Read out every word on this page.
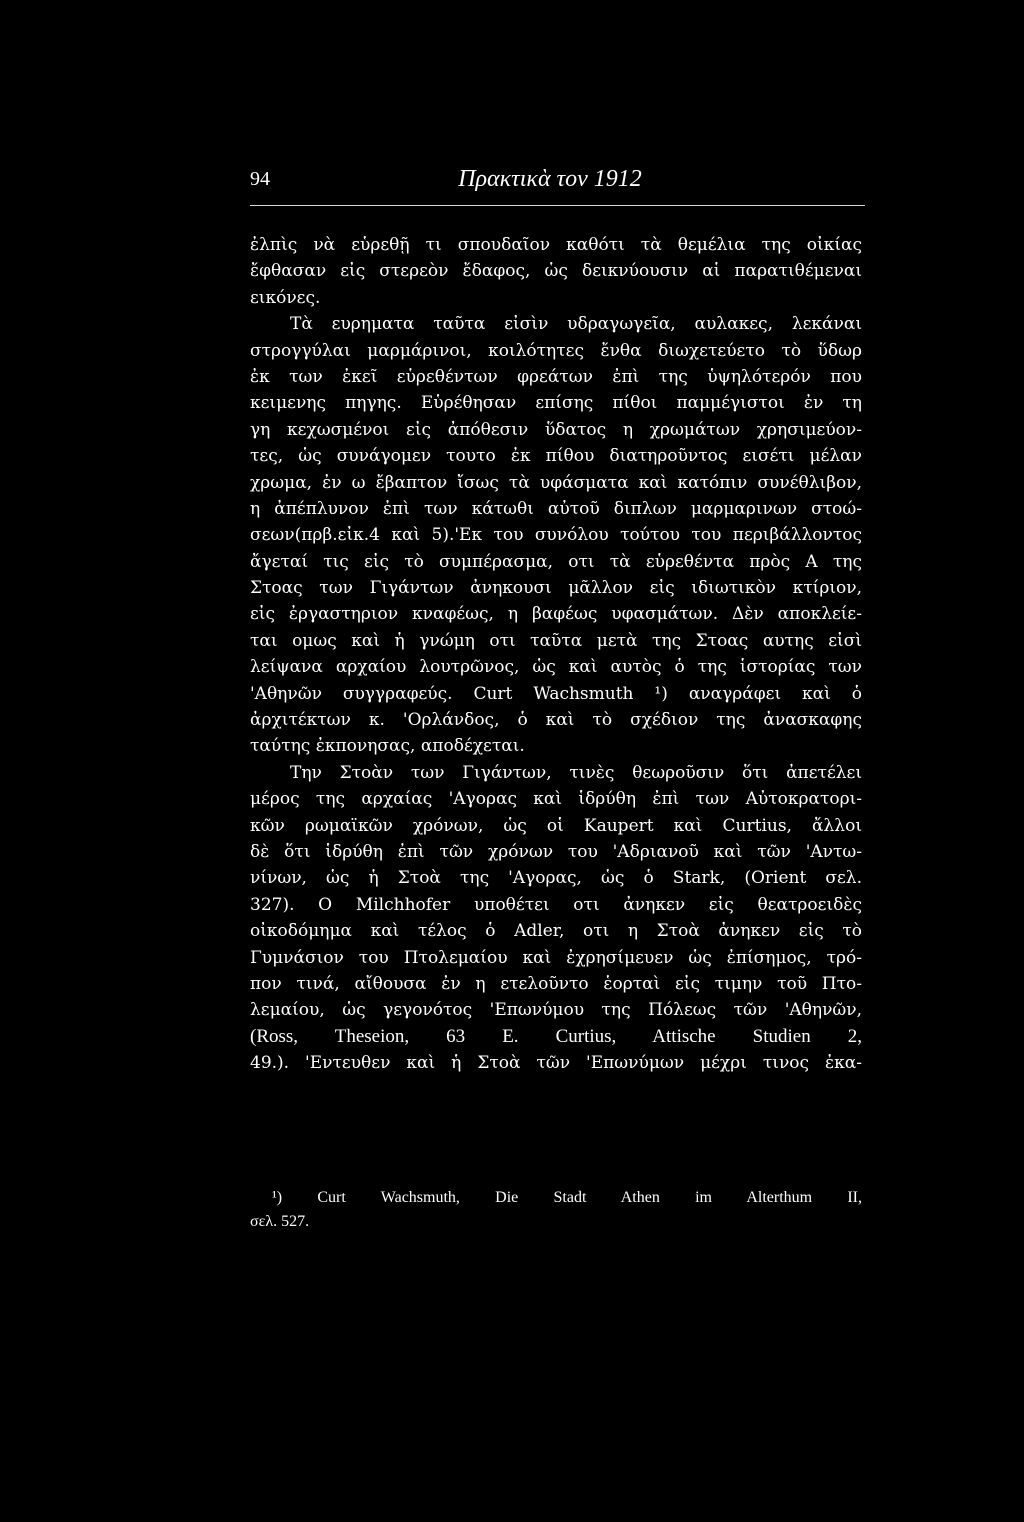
94	Πρακτικὰ τον 1912
ἐλπὶς νὰ εὑρεθῇ τι σπουδαῖον καθότι τὰ θεμέλια της οἰκίας
ἔφθασαν εἰς στερεὸν ἔδαφος, ὡς δεικνύουσιν αἱ παρατιθέμεναι
εικόνες.
Τὰ ευρηματα ταῦτα εἰσὶν υδραγωγεῖα, αυλακες, λεκάναι
στρογγύλαι μαρμάρινοι, κοιλότητες ἔνθα διωχετεύετο τὸ ὕδωρ
ἐκ των ἐκεῖ εὑρεθέντων φρεάτων ἐπὶ της ὑψηλότερόν που
κειμενης πηγης. Εὑρέθησαν επίσης πίθοι παμμέγιστοι ἐν τη
γη κεχωσμένοι εἰς ἀπόθεσιν ὕδατος η χρωμάτων χρησιμεύον-
τες, ὡς συνάγομεν τουτο ἐκ πίθου διατηροῦντος εισέτι μέλαν
χρωμα, ἐν ω ἔβαπτον ἴσως τὰ υφάσματα καὶ κατόπιν συνέθλιβον,
η ἀπέπλυνον ἐπὶ των κάτωθι αὐτοῦ διπλων μαρμαρινων στοώ-
σεων(πρβ.εἰκ.4 καὶ 5).'Εκ του συνόλου τούτου του περιβάλλοντος
ἄγεταί τις εἰς τὸ συμπέρασμα, οτι τὰ εὑρεθέντα πρὸς Α της
Στοας των Γιγάντων ἀνηκουσι μᾶλλον εἰς ιδιωτικὸν κτίριον,
εἰς ἐργαστηριον κναφέως, η βαφέως υφασμάτων. Δὲν αποκλείε-
ται ομως καὶ ἡ γνώμη οτι ταῦτα μετὰ της Στοας αυτης εἰσὶ
λείψανα αρχαίου λουτρῶνος, ὡς καὶ αυτὸς ὁ της ἱστορίας των
'Αθηνῶν συγγραφεύς. Curt Wachsmuth ¹) αναγράφει καὶ ὁ
ἀρχιτέκτων κ. 'Ορλάνδος, ὁ καὶ τὸ σχέδιον της ἀνασκαφης
ταύτης ἐκπονησας, αποδέχεται.
Την Στοὰν των Γιγάντων, τινὲς θεωροῦσιν ὅτι ἀπετέλει
μέρος της αρχαίας 'Αγορας καὶ ἱδρύθη ἐπὶ των Αὐτοκρατορι-
κῶν ρωμαϊκῶν χρόνων, ὡς οἱ Kaupert καὶ Curtius, ἄλλοι
δὲ ὅτι ἱδρύθη ἐπὶ τῶν χρόνων του 'Αδριανοῦ καὶ τῶν 'Αντω-
νίνων, ὡς ἡ Στοὰ της 'Αγορας, ὡς ὁ Stark, (Orient σελ.
327). Ο Milchhofer υποθέτει οτι ἀνηκεν εἰς θεατροειδὲς
οἰκοδόμημα καὶ τέλος ὁ Adler, οτι η Στοὰ ἀνηκεν εἰς τὸ
Γυμνάσιον του Πτολεμαίου καὶ ἐχρησίμευεν ὡς ἐπίσημος, τρό-
πον τινά, αἴθουσα ἐν η ετελοῦντο ἑορταὶ εἰς τιμην τοῦ Πτο-
λεμαίου, ὡς γεγονότος 'Επωνύμου της Πόλεως τῶν 'Αθηνῶν,
(Ross, Theseion, 63 E. Curtius, Attische Studien 2,
49.). 'Εντευθεν καὶ ἡ Στοὰ τῶν 'Επωνύμων μέχρι τινος ἐκα-
¹) Curt Wachsmuth, Die Stadt Athen im Alterthum II,
σελ. 527.
